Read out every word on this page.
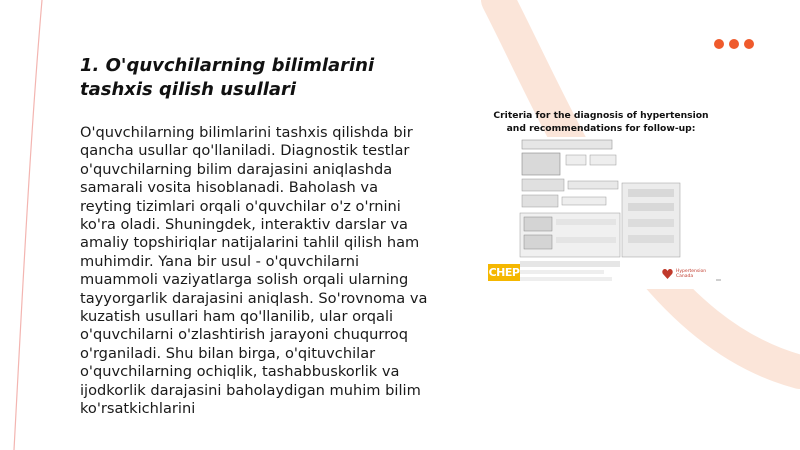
1. O'quvchilarning bilimlarini tashxis qilish usullari
O'quvchilarning bilimlarini tashxis qilishda bir qancha usullar qo'llaniladi. Diagnostik testlar o'quvchilarning bilim darajasini aniqlashda samarali vosita hisoblanadi. Baholash va reyting tizimlari orqali o'quvchilar o'z o'rnini ko'ra oladi. Shuningdek, interaktiv darslar va amaliy topshiriqlar natijalarini tahlil qilish ham muhimdir. Yana bir usul - o'quvchilarni muammoli vaziyatlarga solish orqali ularning tayyorgarlik darajasini aniqlash. So'rovnoma va kuzatish usullari ham qo'llanilib, ular orqali o'quvchilarni o'zlashtirish jarayoni chuqurroq o'rganiladi. Shu bilan birga, o'qituvchilar o'quvchilarning ochiqlik, tashabbuskorlik va ijodkorlik darajasini baholaydigan muhim bilim ko'rsatkichlarini
Criteria for the diagnosis of hypertension
and recommendations for follow-up:
CHEP	Hypertension
Canada
